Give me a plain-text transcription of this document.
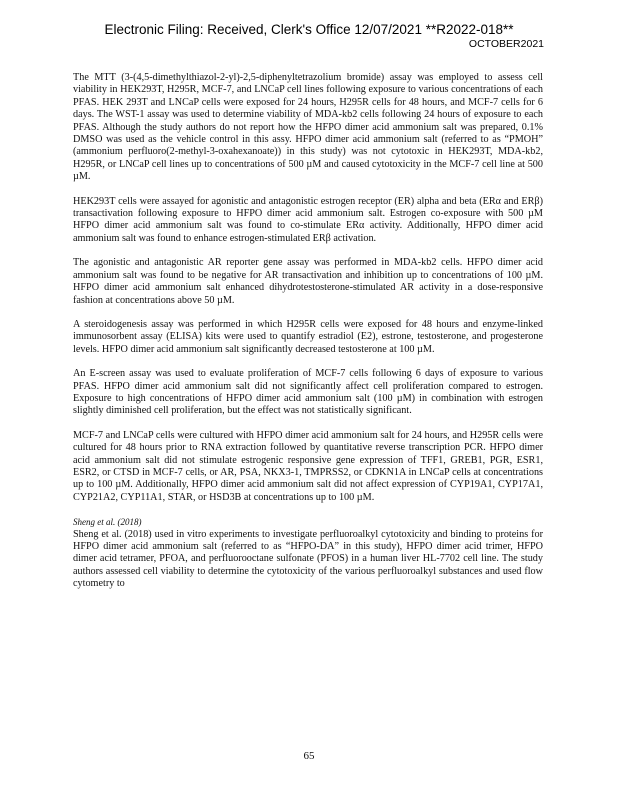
Electronic Filing: Received, Clerk's Office 12/07/2021 **R2022-018**
OCTOBER2021

The MTT (3-(4,5-dimethylthiazol-2-yl)-2,5-diphenyltetrazolium bromide) assay was employed to assess cell viability in HEK293T, H295R, MCF-7, and LNCaP cell lines following exposure to various concentrations of each PFAS. HEK 293T and LNCaP cells were exposed for 24 hours, H295R cells for 48 hours, and MCF-7 cells for 6 days. The WST-1 assay was used to determine viability of MDA-kb2 cells following 24 hours of exposure to each PFAS. Although the study authors do not report how the HFPO dimer acid ammonium salt was prepared, 0.1% DMSO was used as the vehicle control in this assy. HFPO dimer acid ammonium salt (referred to as “PMOH” (ammonium perfluoro(2-methyl-3-oxahexanoate)) in this study) was not cytotoxic in HEK293T, MDA-kb2, H295R, or LNCaP cell lines up to concentrations of 500 µM and caused cytotoxicity in the MCF-7 cell line at 500 µM.

HEK293T cells were assayed for agonistic and antagonistic estrogen receptor (ER) alpha and beta (ERα and ERβ) transactivation following exposure to HFPO dimer acid ammonium salt. Estrogen co-exposure with 500 µM HFPO dimer acid ammonium salt was found to co-stimulate ERα activity. Additionally, HFPO dimer acid ammonium salt was found to enhance estrogen-stimulated ERβ activation.

The agonistic and antagonistic AR reporter gene assay was performed in MDA-kb2 cells. HFPO dimer acid ammonium salt was found to be negative for AR transactivation and inhibition up to concentrations of 100 µM. HFPO dimer acid ammonium salt enhanced dihydrotestosterone-stimulated AR activity in a dose-responsive fashion at concentrations above 50 µM.

A steroidogenesis assay was performed in which H295R cells were exposed for 48 hours and enzyme-linked immunosorbent assay (ELISA) kits were used to quantify estradiol (E2), estrone, testosterone, and progesterone levels. HFPO dimer acid ammonium salt significantly decreased testosterone at 100 µM.

An E-screen assay was used to evaluate proliferation of MCF-7 cells following 6 days of exposure to various PFAS. HFPO dimer acid ammonium salt did not significantly affect cell proliferation compared to estrogen. Exposure to high concentrations of HFPO dimer acid ammonium salt (100 µM) in combination with estrogen slightly diminished cell proliferation, but the effect was not statistically significant.

MCF-7 and LNCaP cells were cultured with HFPO dimer acid ammonium salt for 24 hours, and H295R cells were cultured for 48 hours prior to RNA extraction followed by quantitative reverse transcription PCR. HFPO dimer acid ammonium salt did not stimulate estrogenic responsive gene expression of TFF1, GREB1, PGR, ESR1, ESR2, or CTSD in MCF-7 cells, or AR, PSA, NKX3-1, TMPRSS2, or CDKN1A in LNCaP cells at concentrations up to 100 µM. Additionally, HFPO dimer acid ammonium salt did not affect expression of CYP19A1, CYP17A1, CYP21A2, CYP11A1, STAR, or HSD3B at concentrations up to 100 µM.

Sheng et al. (2018)

Sheng et al. (2018) used in vitro experiments to investigate perfluoroalkyl cytotoxicity and binding to proteins for HFPO dimer acid ammonium salt (referred to as “HFPO-DA” in this study), HFPO dimer acid trimer, HFPO dimer acid tetramer, PFOA, and perfluorooctane sulfonate (PFOS) in a human liver HL-7702 cell line. The study authors assessed cell viability to determine the cytotoxicity of the various perfluoroalkyl substances and used flow cytometry to

65
